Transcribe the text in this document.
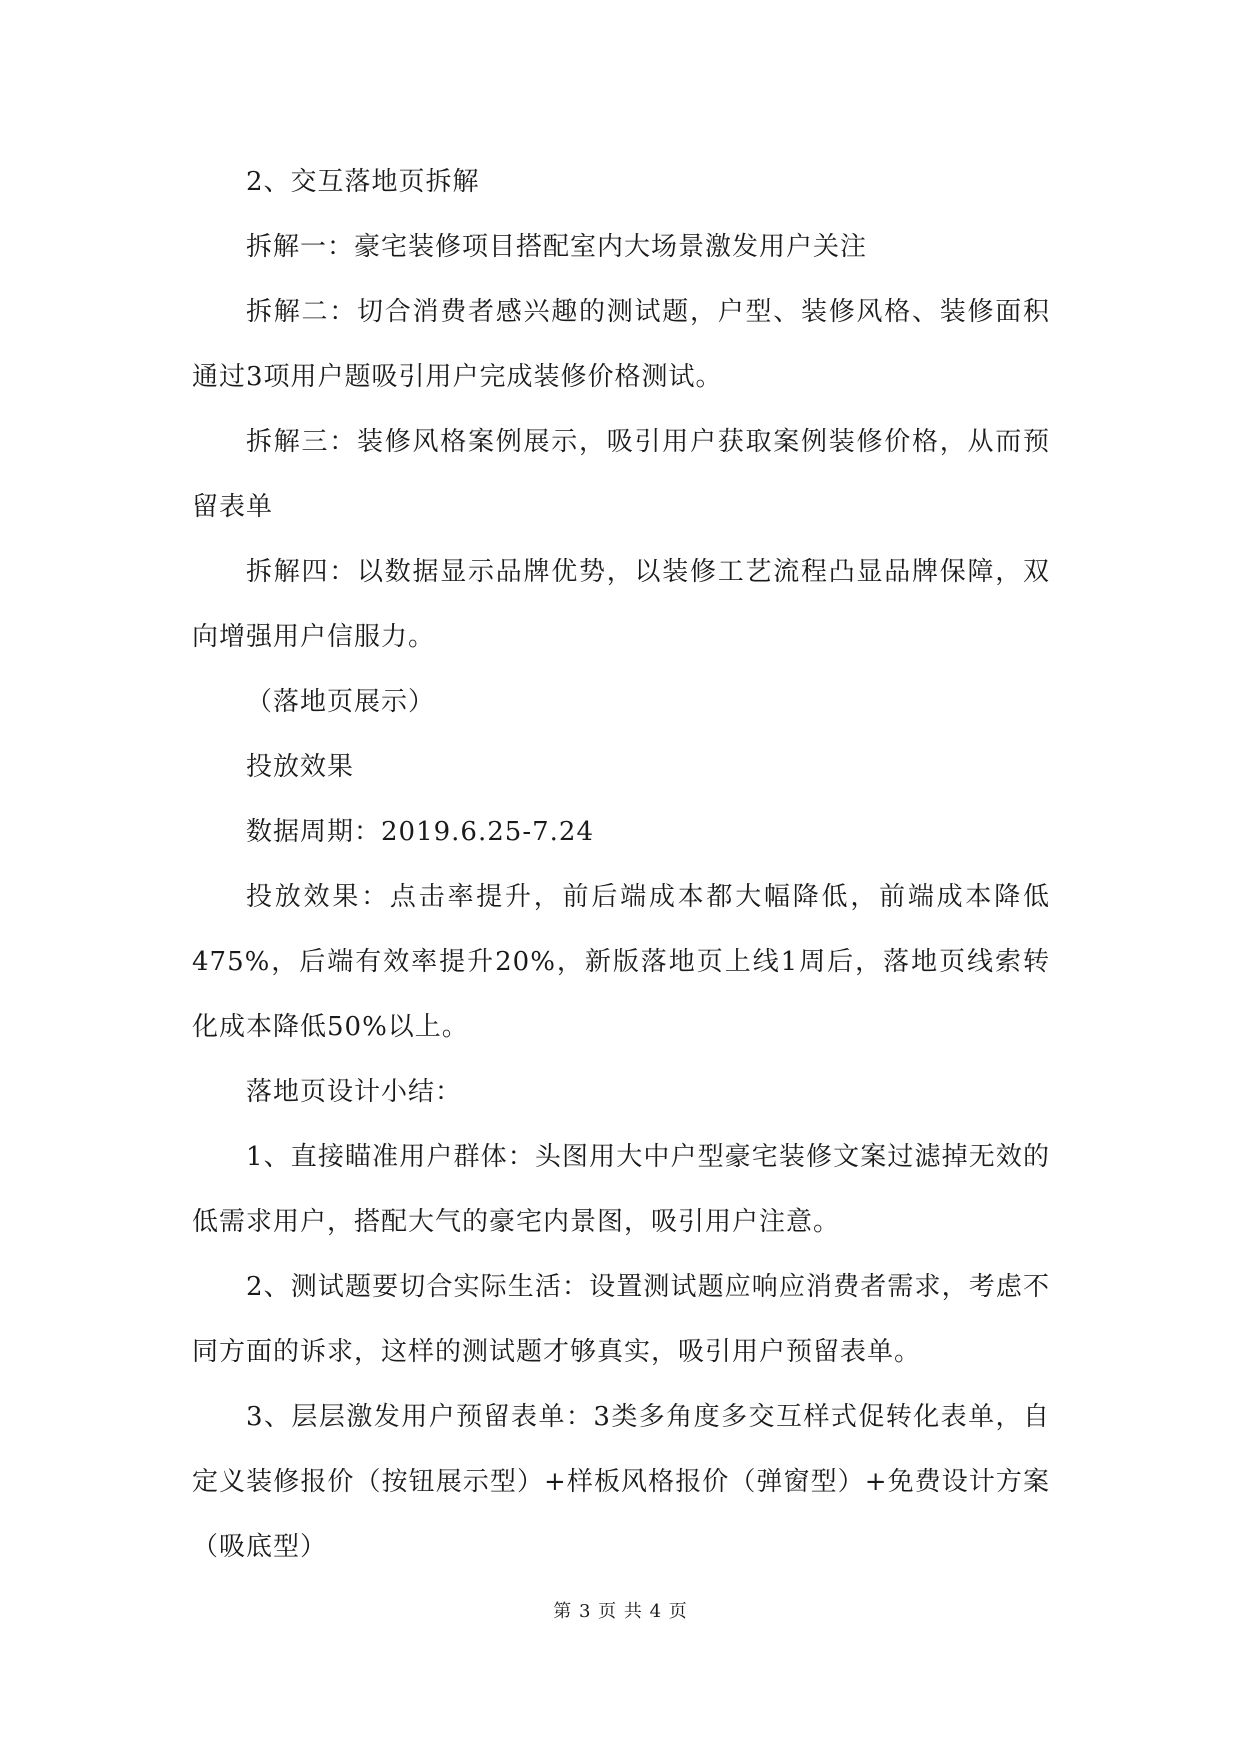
2、交互落地页拆解

拆解一：豪宅装修项目搭配室内大场景激发用户关注

拆解二：切合消费者感兴趣的测试题，户型、装修风格、装修面积通过3项用户题吸引用户完成装修价格测试。

拆解三：装修风格案例展示，吸引用户获取案例装修价格，从而预留表单

拆解四：以数据显示品牌优势，以装修工艺流程凸显品牌保障，双向增强用户信服力。

（落地页展示）

投放效果

数据周期：2019.6.25-7.24

投放效果：点击率提升，前后端成本都大幅降低，前端成本降低475%，后端有效率提升20%，新版落地页上线1周后，落地页线索转化成本降低50%以上。

落地页设计小结：

1、直接瞄准用户群体：头图用大中户型豪宅装修文案过滤掉无效的低需求用户，搭配大气的豪宅内景图，吸引用户注意。

2、测试题要切合实际生活：设置测试题应响应消费者需求，考虑不同方面的诉求，这样的测试题才够真实，吸引用户预留表单。

3、层层激发用户预留表单：3类多角度多交互样式促转化表单，自定义装修报价（按钮展示型）+样板风格报价（弹窗型）+免费设计方案（吸底型）

第 3 页 共 4 页
